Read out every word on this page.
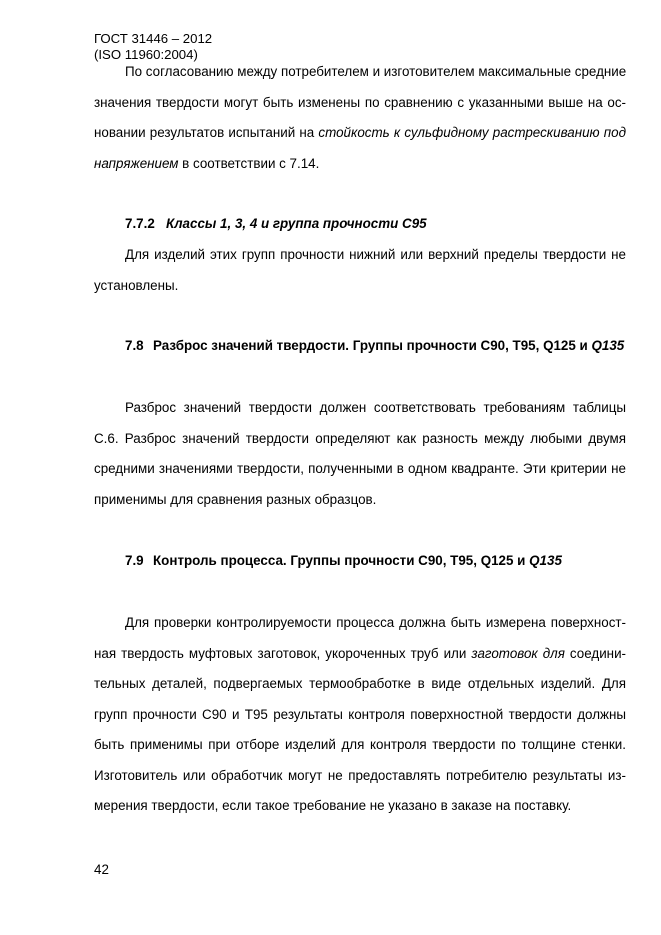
ГОСТ 31446 – 2012
(ISO 11960:2004)
По согласованию между потребителем и изготовителем максимальные средние
значения твердости могут быть изменены по сравнению с указанными выше на ос-
новании результатов испытаний на стойкость к сульфидному растрескиванию под
напряжением в соответствии с 7.14.
7.7.2 Классы 1, 3, 4 и группа прочности C95
Для изделий этих групп прочности нижний или верхний пределы твердости не
установлены.
7.8 Разброс значений твердости. Группы прочности C90, T95, Q125 и Q135
Разброс значений твердости должен соответствовать требованиям таблицы
С.6. Разброс значений твердости определяют как разность между любыми двумя
средними значениями твердости, полученными в одном квадранте. Эти критерии не
применимы для сравнения разных образцов.
7.9 Контроль процесса. Группы прочности C90, T95, Q125 и Q135
Для проверки контролируемости процесса должна быть измерена поверхност-
ная твердость муфтовых заготовок, укороченных труб или заготовок для соедини-
тельных деталей, подвергаемых термообработке в виде отдельных изделий. Для
групп прочности C90 и T95 результаты контроля поверхностной твердости должны
быть применимы при отборе изделий для контроля твердости по толщине стенки.
Изготовитель или обработчик могут не предоставлять потребителю результаты из-
мерения твердости, если такое требование не указано в заказе на поставку.
42
